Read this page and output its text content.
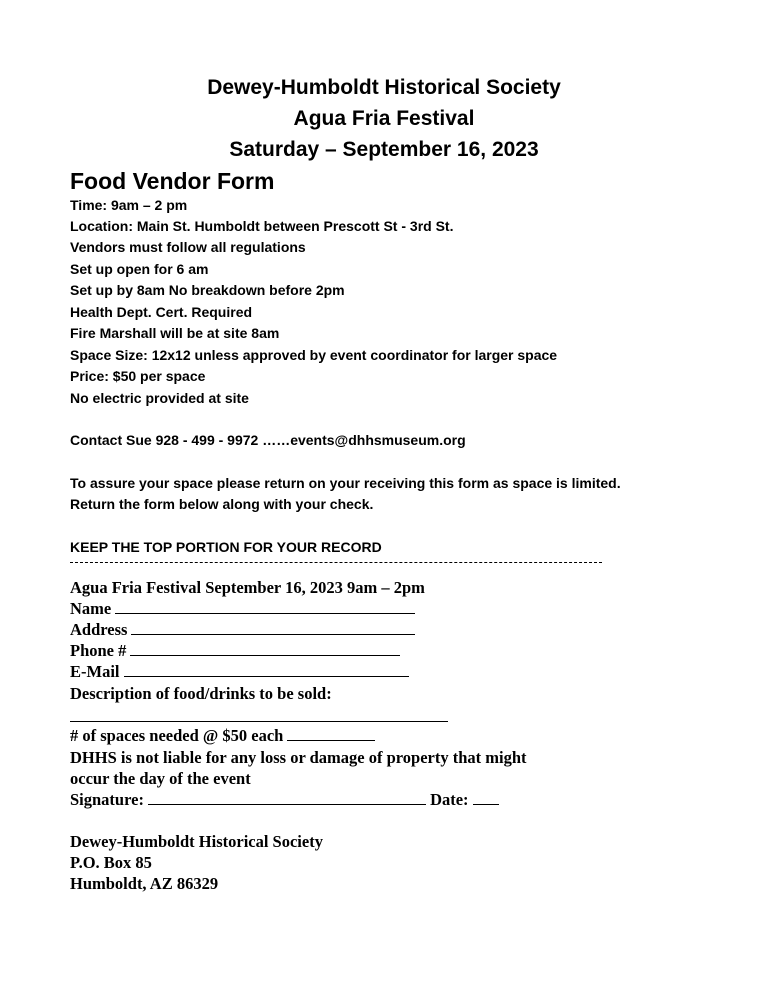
Dewey-Humboldt Historical Society
Agua Fria Festival
Saturday – September 16, 2023
Food Vendor Form
Time: 9am – 2 pm
Location: Main St. Humboldt between Prescott St - 3rd St.
Vendors must follow all regulations
Set up open for 6 am
Set up by 8am No breakdown before 2pm
Health Dept. Cert. Required
Fire Marshall will be at site 8am
Space Size: 12x12 unless approved by event coordinator for larger space
Price: $50 per space
No electric provided at site
Contact Sue 928 - 499 - 9972 ……events@dhhsmuseum.org
To assure your space please return on your receiving this form as space is limited.
Return the form below along with your check.
KEEP THE TOP PORTION FOR YOUR RECORD
Agua Fria Festival September 16, 2023 9am – 2pm
Name
Address
Phone #
E-Mail
Description of food/drinks to be sold:
# of spaces needed @ $50 each
DHHS is not liable for any loss or damage of property that might
occur the day of the event
Signature:	Date:
Dewey-Humboldt Historical Society
P.O. Box 85
Humboldt, AZ 86329
